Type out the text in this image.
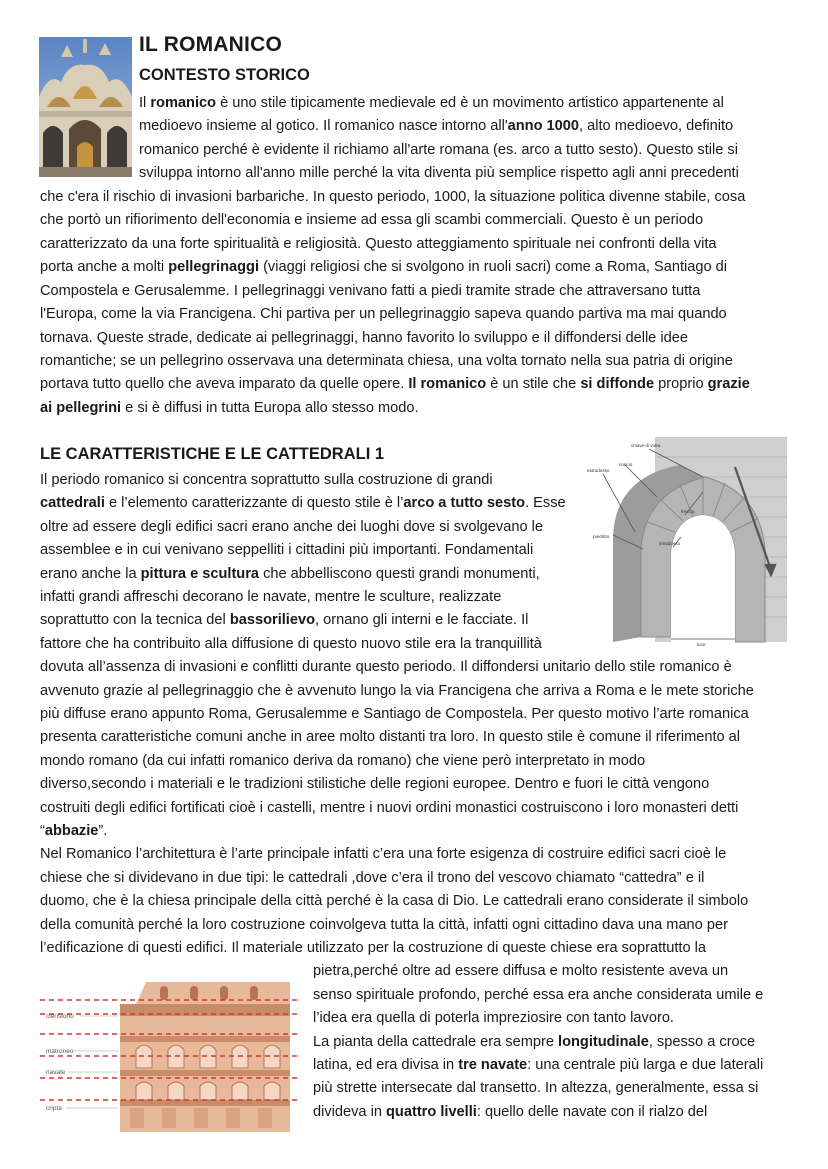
IL ROMANICO
CONTESTO STORICO
Il romanico è uno stile tipicamente medievale ed è un movimento artistico appartenente al
medioevo insieme al gotico. Il romanico nasce intorno all'anno 1000, alto medioevo, definito
romanico perché è evidente il richiamo all'arte romana (es. arco a tutto sesto). Questo stile si
sviluppa intorno all'anno mille perché la vita diventa più semplice rispetto agli anni precedenti
che c'era il rischio di invasioni barbariche. In questo periodo, 1000, la situazione politica divenne stabile, cosa
che portò un rifiorimento dell'economia e insieme ad essa gli scambi commerciali. Questo è un periodo
caratterizzato da una forte spiritualità e religiosità. Questo atteggiamento spirituale nei confronti della vita
porta anche a molti pellegrinaggi (viaggi religiosi che si svolgono in ruoli sacri) come a Roma, Santiago di
Compostela e Gerusalemme. I pellegrinaggi venivano fatti a piedi tramite strade che attraversano tutta
l'Europa, come la via Francigena. Chi partiva per un pellegrinaggio sapeva quando partiva ma mai quando
tornava. Queste strade, dedicate ai pellegrinaggi, hanno favorito lo sviluppo e il diffondersi delle idee
romantiche; se un pellegrino osservava una determinata chiesa, una volta tornato nella sua patria di origine
portava tutto quello che aveva imparato da quelle opere. Il romanico è un stile che si diffonde proprio grazie
ai pellegrini e si è diffusi in tutta Europa allo stesso modo.
LE CARATTERISTICHE E LE CATTEDRALI 1
Il periodo romanico si concentra soprattutto sulla costruzione di grandi
cattedrali e l’elemento caratterizzante di questo stile è l’arco a tutto sesto. Esse
oltre ad essere degli edifici sacri erano anche dei luoghi dove si svolgevano le
assemblee e in cui venivano seppelliti i cittadini più importanti. Fondamentali
erano anche la pittura e scultura che abbelliscono questi grandi monumenti,
infatti grandi affreschi decorano le navate, mentre le sculture, realizzate
soprattutto con la tecnica del bassorilievo, ornano gli interni e le facciate. Il
fattore che ha contribuito alla diffusione di questo nuovo stile era la tranquillità
dovuta all’assenza di invasioni e conflitti durante questo periodo. Il diffondersi unitario dello stile romanico è
avvenuto grazie al pellegrinaggio che è avvenuto lungo la via Francigena che arriva a Roma e le mete storiche
più diffuse erano appunto Roma, Gerusalemme e Santiago de Compostela. Per questo motivo l’arte romanica
presenta caratteristiche comuni anche in aree molto distanti tra loro. In questo stile è comune il riferimento al
mondo romano (da cui infatti romanico deriva da romano) che viene però interpretato in modo
diverso,secondo i materiali e le tradizioni stilistiche delle regioni europee. Dentro e fuori le città vengono
costruiti degli edifici fortificati cioè i castelli, mentre i nuovi ordini monastici costruiscono i loro monasteri detti
“abbazie”.
Nel Romanico l’architettura è l’arte principale infatti c’era una forte esigenza di costruire edifici sacri cioè le
chiese che si dividevano in due tipi: le cattedrali ,dove c’era il trono del vescovo chiamato “cattedra” e il
duomo, che è la chiesa principale della città perché è la casa di Dio. Le cattedrali erano considerate il simbolo
della comunità perché la loro costruzione coinvolgeva tutta la città, infatti ogni cittadino dava una mano per
l’edificazione di questi edifici. Il materiale utilizzato per la costruzione di queste chiese era soprattutto la
pietra,perché oltre ad essere diffusa e molto resistente aveva un
senso spirituale profondo, perché essa era anche considerata umile e
l’idea era quella di poterla impreziosire con tanto lavoro.
La pianta della cattedrale era sempre longitudinale, spesso a croce
latina, ed era divisa in tre navate: una centrale più larga e due laterali
più strette intersecate dal transetto. In altezza, generalmente, essa si
divideva in quattro livelli: quello delle navate con il rialzo del
chiave di volta
concio
estradosso
freccia
piedritto
intradosso
luce
cleristorio
matroneo
navate
cripta
